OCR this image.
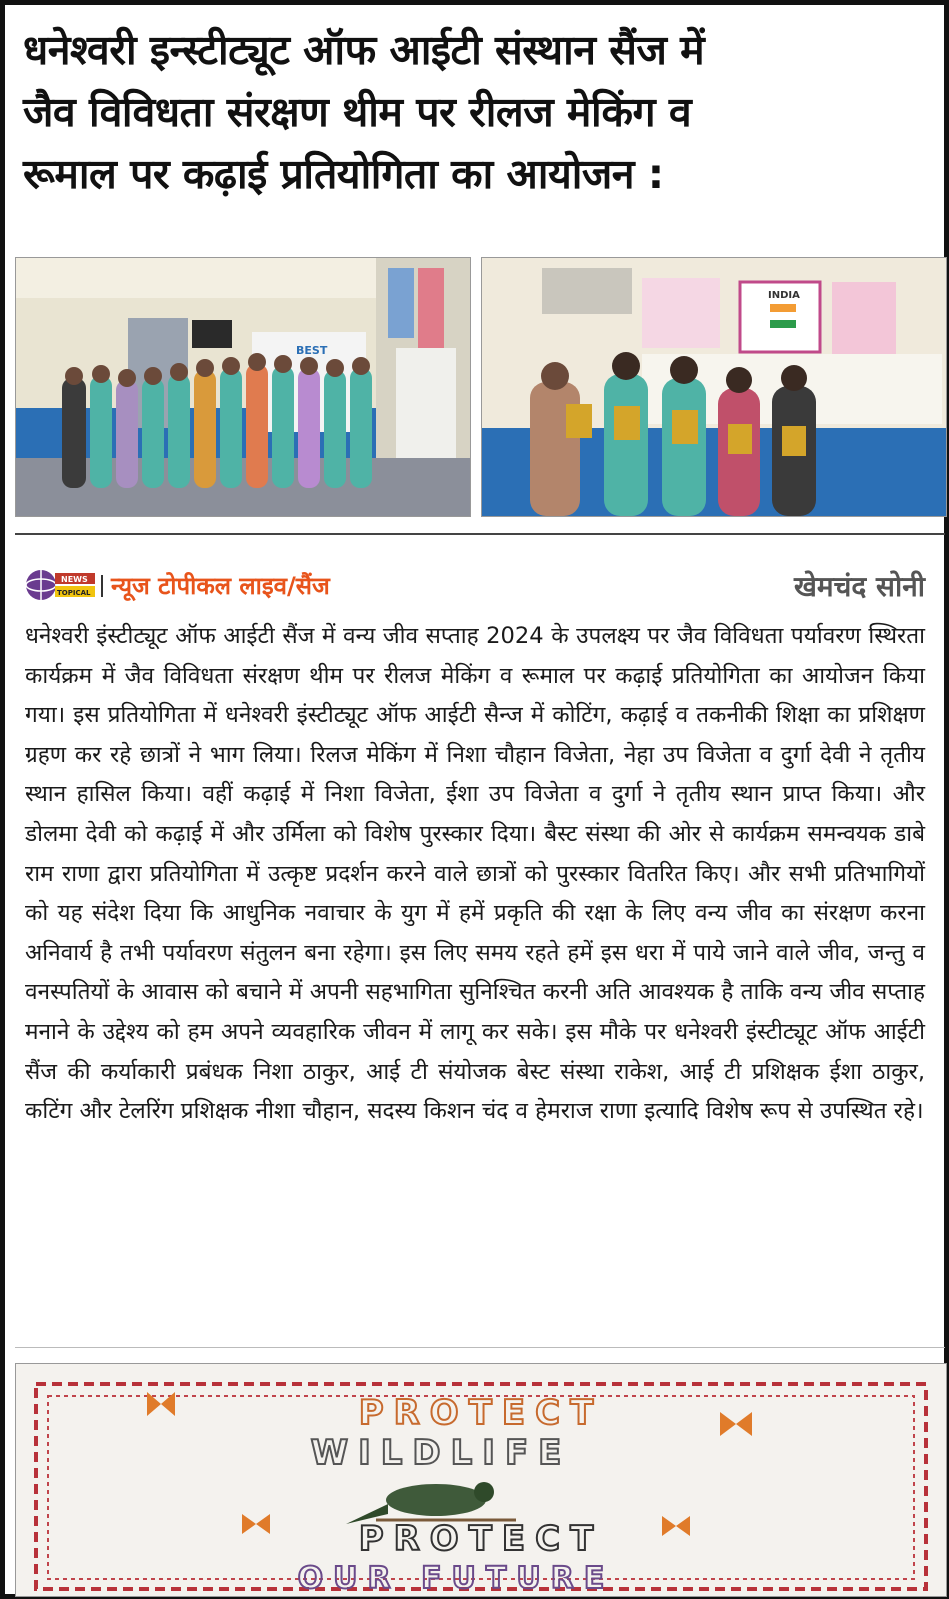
धनेश्वरी इन्स्टीट्यूट ऑफ आईटी संस्थान सैंज में
जैव विविधता संरक्षण थीम पर रीलज मेकिंग व
रूमाल पर कढ़ाई प्रतियोगिता का आयोजन :
BEST
INDIA
NEWS
TOPICAL न्यूज टोपीकल लाइव/सैंज	खेमचंद सोनी

धनेश्वरी इंस्टीट्यूट ऑफ आईटी सैंज में वन्य जीव सप्ताह 2024 के उपलक्ष्य पर जैव विविधता पर्यावरण स्थिरता कार्यक्रम में जैव विविधता संरक्षण थीम पर रीलज मेकिंग व रूमाल पर कढ़ाई प्रतियोगिता का आयोजन किया गया। इस प्रतियोगिता में धनेश्वरी इंस्टीट्यूट ऑफ आईटी सैन्ज में कोटिंग, कढ़ाई व तकनीकी शिक्षा का प्रशिक्षण ग्रहण कर रहे छात्रों ने भाग लिया। रिलज मेकिंग में निशा चौहान विजेता, नेहा उप विजेता व दुर्गा देवी ने तृतीय स्थान हासिल किया। वहीं कढ़ाई में निशा विजेता, ईशा उप विजेता व दुर्गा ने तृतीय स्थान प्राप्त किया। और डोलमा देवी को कढ़ाई में और उर्मिला को विशेष पुरस्कार दिया। बैस्ट संस्था की ओर से कार्यक्रम समन्वयक डाबे राम राणा द्वारा प्रतियोगिता में उत्कृष्ट प्रदर्शन करने वाले छात्रों को पुरस्कार वितरित किए। और सभी प्रतिभागियों को यह संदेश दिया कि आधुनिक नवाचार के युग में हमें प्रकृति की रक्षा के लिए वन्य जीव का संरक्षण करना अनिवार्य है तभी पर्यावरण संतुलन बना रहेगा। इस लिए समय रहते हमें इस धरा में पाये जाने वाले जीव, जन्तु व वनस्पतियों के आवास को बचाने में अपनी सहभागिता सुनिश्चित करनी अति आवश्यक है ताकि वन्य जीव सप्ताह मनाने के उद्देश्य को हम अपने व्यवहारिक जीवन में लागू कर सके। इस मौके पर धनेश्वरी इंस्टीट्यूट ऑफ आईटी सैंज की कर्याकारी प्रबंधक निशा ठाकुर, आई टी संयोजक बेस्ट संस्था राकेश, आई टी प्रशिक्षक ईशा ठाकुर, कटिंग और टेलरिंग प्रशिक्षक नीशा चौहान, सदस्य किशन चंद व हेमराज राणा इत्यादि विशेष रूप से उपस्थित रहे।

PROTECT
WILDLIFE
PROTECT
OUR FUTURE
